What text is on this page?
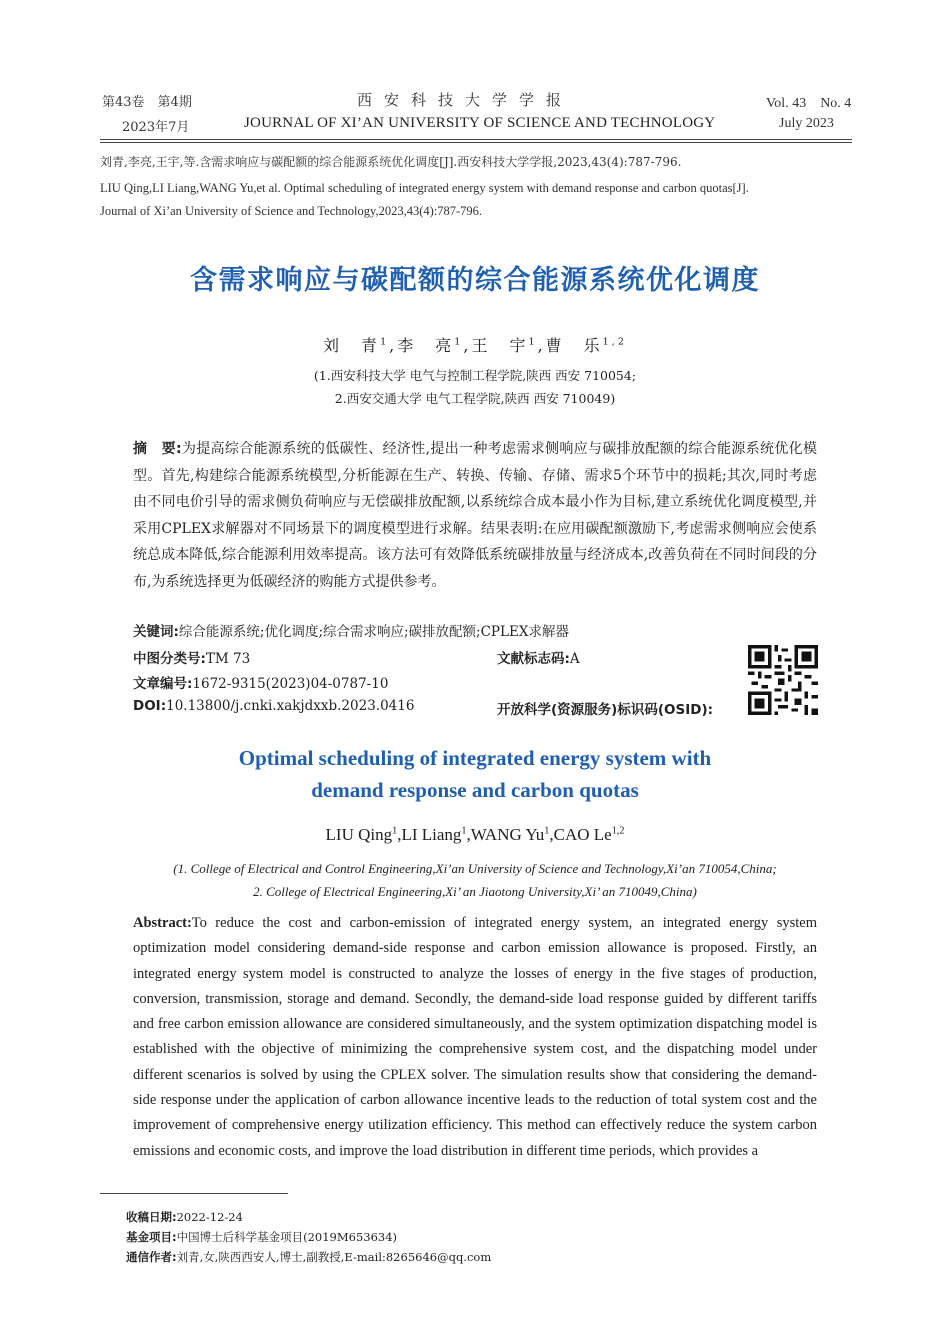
第43卷　第4期
2023年7月
西安科技大学学报
JOURNAL OF XI’AN UNIVERSITY OF SCIENCE AND TECHNOLOGY
Vol. 43　No. 4
July 2023
刘青,李亮,王宇,等.含需求响应与碳配额的综合能源系统优化调度[J].西安科技大学学报,2023,43(4):787-796.
LIU Qing,LI Liang,WANG Yu,et al. Optimal scheduling of integrated energy system with demand response and carbon quotas[J].
Journal of Xi’an University of Science and Technology,2023,43(4):787-796.
含需求响应与碳配额的综合能源系统优化调度
刘　青$^1$,李　亮$^1$,王　宇$^1$,曹　乐$^{1,2}$
(1.西安科技大学 电气与控制工程学院,陕西 西安 710054;
2.西安交通大学 电气工程学院,陕西 西安 710049)
摘　要:为提高综合能源系统的低碳性、经济性,提出一种考虑需求侧响应与碳排放配额的综合能源系统优化模型。首先,构建综合能源系统模型,分析能源在生产、转换、传输、存储、需求5个环节中的损耗;其次,同时考虑由不同电价引导的需求侧负荷响应与无偿碳排放配额,以系统综合成本最小作为目标,建立系统优化调度模型,并采用CPLEX求解器对不同场景下的调度模型进行求解。结果表明:在应用碳配额激励下,考虑需求侧响应会使系统总成本降低,综合能源利用效率提高。该方法可有效降低系统碳排放量与经济成本,改善负荷在不同时间段的分布,为系统选择更为低碳经济的购能方式提供参考。
关键词:综合能源系统;优化调度;综合需求响应;碳排放配额;CPLEX求解器
中图分类号:TM 73	文献标志码:A
文章编号:1672-9315(2023)04-0787-10
DOI:10.13800/j.cnki.xakjdxxb.2023.0416	开放科学(资源服务)标识码(OSID):
Optimal scheduling of integrated energy system with
demand response and carbon quotas
LIU Qing$^1$,LI Liang$^1$,WANG Yu$^1$,CAO Le$^{1,2}$
(1. College of Electrical and Control Engineering,Xi’an University of Science and Technology,Xi’an 710054,China;
2. College of Electrical Engineering,Xi’ an Jiaotong University,Xi’ an 710049,China)
Abstract:To reduce the cost and carbon-emission of integrated energy system, an integrated energy system optimization model considering demand-side response and carbon emission allowance is proposed. Firstly, an integrated energy system model is constructed to analyze the losses of energy in the five stages of production, conversion, transmission, storage and demand. Secondly, the demand-side load response guided by different tariffs and free carbon emission allowance are considered simultaneously, and the system optimization dispatching model is established with the objective of minimizing the comprehensive system cost, and the dispatching model under different scenarios is solved by using the CPLEX solver. The simulation results show that considering the demand-side response under the application of carbon allowance incentive leads to the reduction of total system cost and the improvement of comprehensive energy utilization efficiency. This method can effectively reduce the system carbon emissions and economic costs, and improve the load distribution in different time periods, which provides a
收稿日期:2022-12-24
基金项目:中国博士后科学基金项目(2019M653634)
通信作者:刘青,女,陕西西安人,博士,副教授,E-mail:8265646@qq.com
